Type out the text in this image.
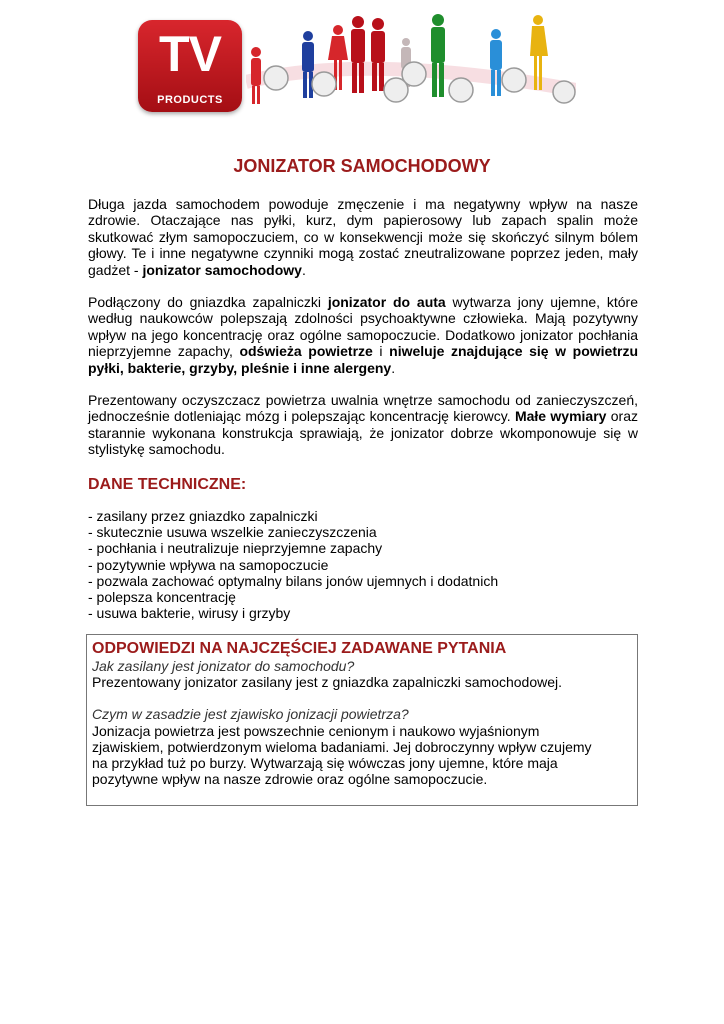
TV
PRODUCTS
JONIZATOR SAMOCHODOWY
Długa jazda samochodem powoduje zmęczenie i ma negatywny wpływ na nasze zdrowie. Otaczające nas pyłki, kurz, dym papierosowy lub zapach spalin może skutkować złym samopoczuciem, co w konsekwencji może się skończyć silnym bólem głowy. Te i inne negatywne czynniki mogą zostać zneutralizowane poprzez jeden, mały gadżet - jonizator samochodowy.
Podłączony do gniazdka zapalniczki jonizator do auta wytwarza jony ujemne, które według naukowców polepszają zdolności psychoaktywne człowieka. Mają pozytywny wpływ na jego koncentrację oraz ogólne samopoczucie. Dodatkowo jonizator pochłania nieprzyjemne zapachy, odświeża powietrze i niweluje znajdujące się w powietrzu pyłki, bakterie, grzyby, pleśnie i inne alergeny.
Prezentowany oczyszczacz powietrza uwalnia wnętrze samochodu od zanieczyszczeń, jednocześnie dotleniając mózg i polepszając koncentrację kierowcy. Małe wymiary oraz starannie wykonana konstrukcja sprawiają, że jonizator dobrze wkomponowuje się w stylistykę samochodu.
DANE TECHNICZNE:
- zasilany przez gniazdko zapalniczki
- skutecznie usuwa wszelkie zanieczyszczenia
- pochłania i neutralizuje nieprzyjemne zapachy
- pozytywnie wpływa na samopoczucie
- pozwala zachować optymalny bilans jonów ujemnych i dodatnich
- polepsza koncentrację
- usuwa bakterie, wirusy i grzyby
ODPOWIEDZI NA NAJCZĘŚCIEJ ZADAWANE PYTANIA
Jak zasilany jest jonizator do samochodu?
Prezentowany jonizator zasilany jest z gniazdka zapalniczki samochodowej.
Czym w zasadzie jest zjawisko jonizacji powietrza?
Jonizacja powietrza jest powszechnie cenionym i naukowo wyjaśnionym
zjawiskiem, potwierdzonym wieloma badaniami. Jej dobroczynny wpływ czujemy
na przykład tuż po burzy. Wytwarzają się wówczas jony ujemne, które maja
pozytywne wpływ na nasze zdrowie oraz ogólne samopoczucie.
